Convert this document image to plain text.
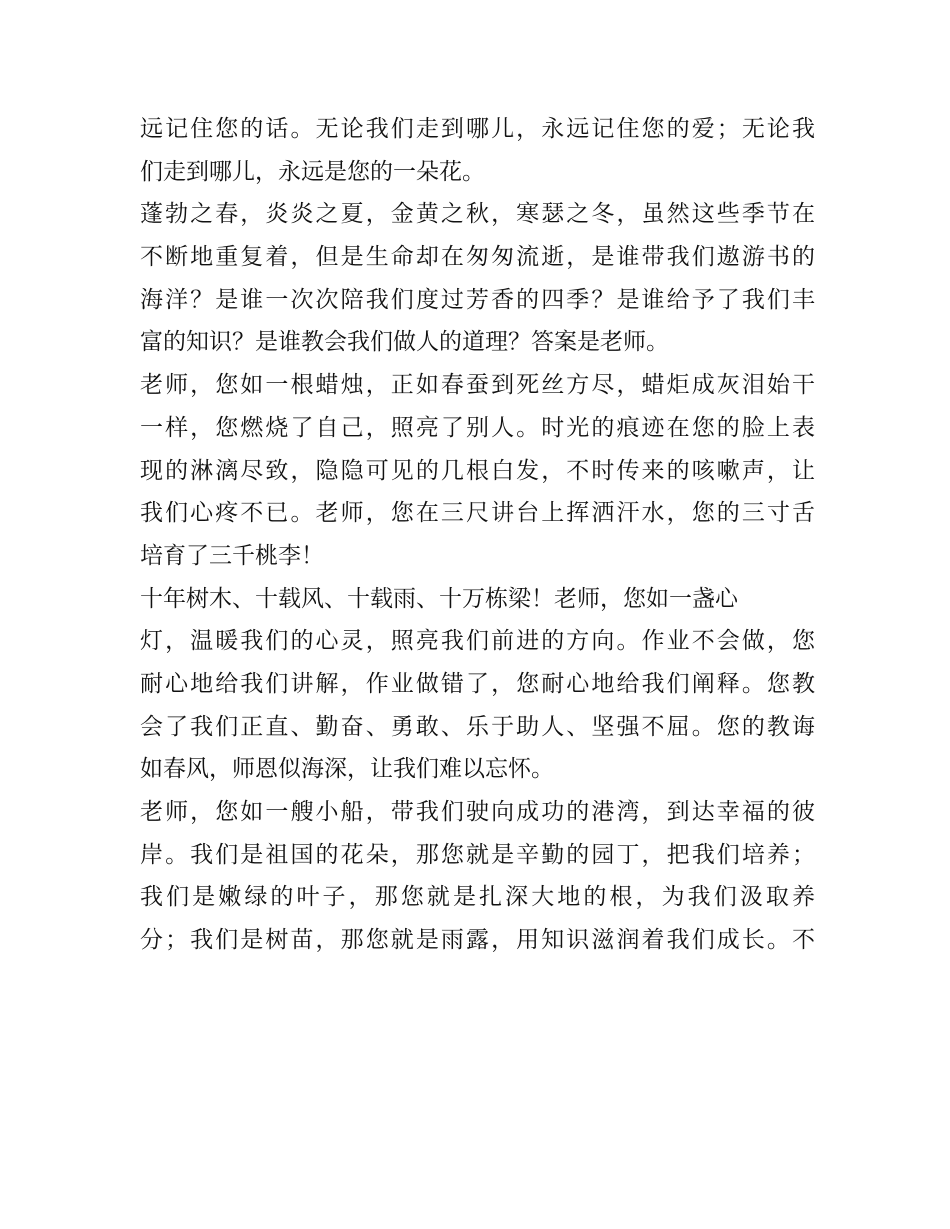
远记住您的话。无论我们走到哪儿，永远记住您的爱；无论我
们走到哪儿，永远是您的一朵花。
蓬勃之春，炎炎之夏，金黄之秋，寒瑟之冬，虽然这些季节在
不断地重复着，但是生命却在匆匆流逝，是谁带我们遨游书的
海洋？是谁一次次陪我们度过芳香的四季？是谁给予了我们丰
富的知识？是谁教会我们做人的道理？答案是老师。
老师，您如一根蜡烛，正如春蚕到死丝方尽，蜡炬成灰泪始干
一样，您燃烧了自己，照亮了别人。时光的痕迹在您的脸上表
现的淋漓尽致，隐隐可见的几根白发，不时传来的咳嗽声，让
我们心疼不已。老师，您在三尺讲台上挥洒汗水，您的三寸舌
培育了三千桃李！
十年树木、十载风、十载雨、十万栋梁！老师，您如一盏心
灯，温暖我们的心灵，照亮我们前进的方向。作业不会做，您
耐心地给我们讲解，作业做错了，您耐心地给我们阐释。您教
会了我们正直、勤奋、勇敢、乐于助人、坚强不屈。您的教诲
如春风，师恩似海深，让我们难以忘怀。
老师，您如一艘小船，带我们驶向成功的港湾，到达幸福的彼
岸。我们是祖国的花朵，那您就是辛勤的园丁，把我们培养；
我们是嫩绿的叶子，那您就是扎深大地的根，为我们汲取养
分；我们是树苗，那您就是雨露，用知识滋润着我们成长。不
